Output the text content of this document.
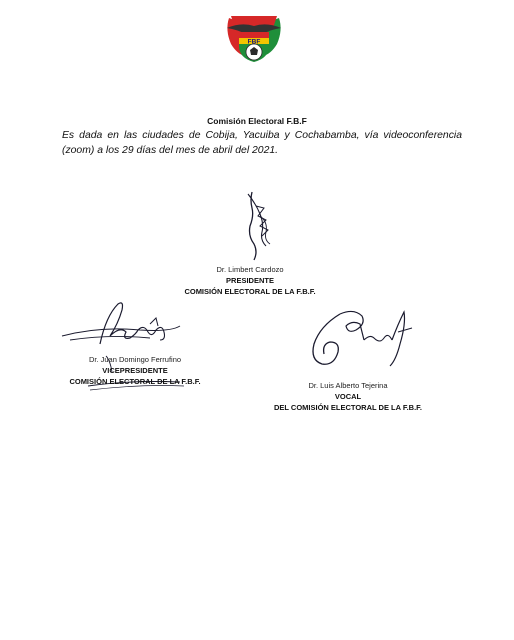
FBF
Comisión Electoral F.B.F

Es dada en las ciudades de Cobija, Yacuiba y Cochabamba, vía videoconferencia (zoom) a los 29 días del mes de abril del 2021.

Dr. Limbert Cardozo
PRESIDENTE
COMISIÓN ELECTORAL DE LA F.B.F.
Dr. Juan Domingo Ferrufino
VICEPRESIDENTE
COMISIÓN ELECTORAL DE LA F.B.F.	Dr. Luis Alberto Tejerina
VOCAL
DEL COMISIÓN ELECTORAL DE LA F.B.F.
